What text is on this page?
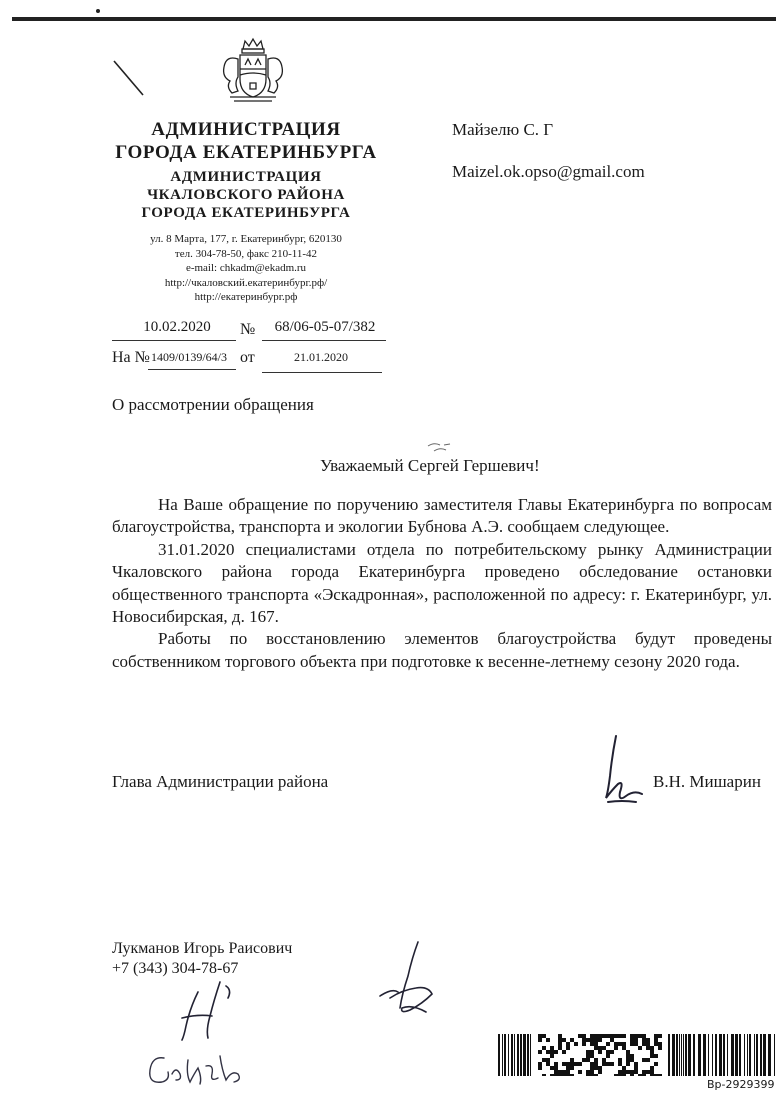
АДМИНИСТРАЦИЯ
ГОРОДА ЕКАТЕРИНБУРГА
АДМИНИСТРАЦИЯ
ЧКАЛОВСКОГО РАЙОНА
ГОРОДА ЕКАТЕРИНБУРГА
ул. 8 Марта, 177, г. Екатеринбург, 620130
тел. 304-78-50, факс 210-11-42
e-mail: chkadm@ekadm.ru
http://чкаловский.екатеринбург.рф/
http://екатеринбург.рф
Майзелю С. Г
Maizel.ok.opso@gmail.com
10.02.2020	№	68/06-05-07/382
На № 1409/0139/64/3 от	21.01.2020
О рассмотрении обращения
Уважаемый Сергей Гершевич!

На Ваше обращение по поручению заместителя Главы Екатеринбурга по вопросам благоустройства, транспорта и экологии Бубнова А.Э. сообщаем следующее.

31.01.2020 специалистами отдела по потребительскому рынку Администрации Чкаловского района города Екатеринбурга проведено обследование остановки общественного транспорта «Эскадронная», расположенной по адресу: г. Екатеринбург, ул. Новосибирская, д. 167.

Работы по восстановлению элементов благоустройства будут проведены собственником торгового объекта при подготовке к весенне-летнему сезону 2020 года.

Глава Администрации района	В.Н. Мишарин
Лукманов Игорь Раисович
+7 (343) 304-78-67
Вр-2929399
